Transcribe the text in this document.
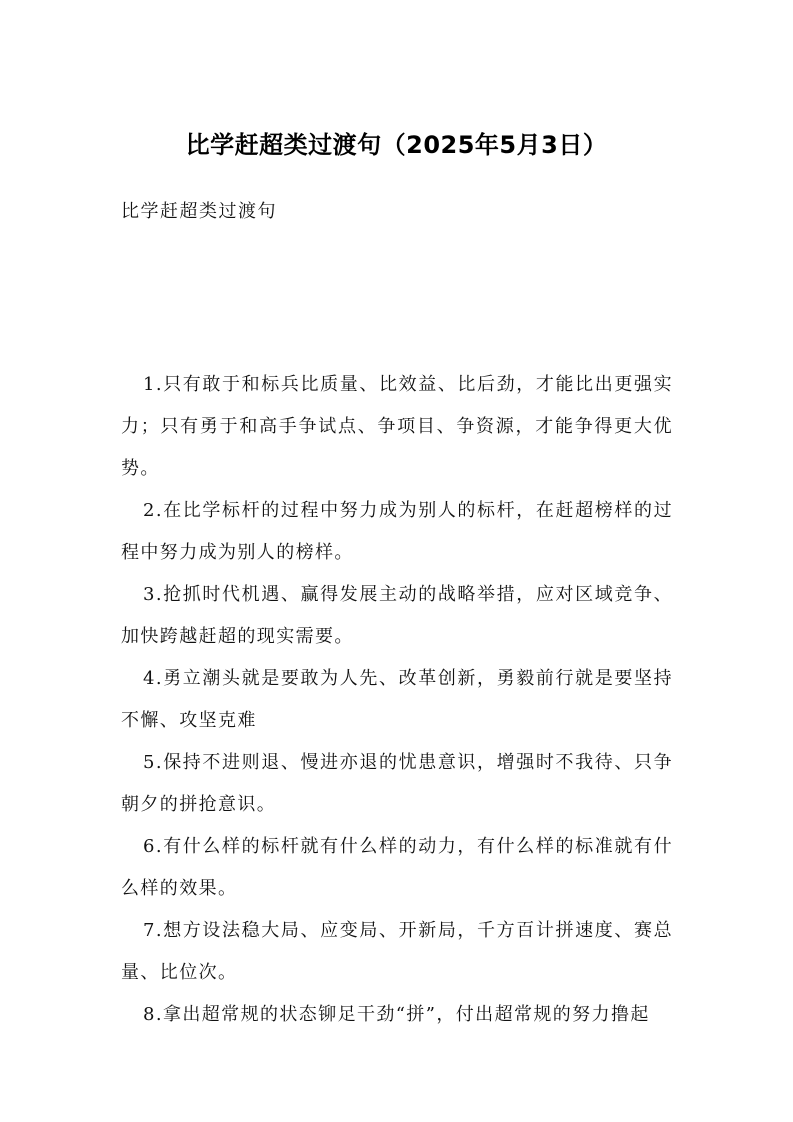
比学赶超类过渡句（2025年5月3日）
比学赶超类过渡句

1.只有敢于和标兵比质量、比效益、比后劲，才能比出更强实力；只有勇于和高手争试点、争项目、争资源，才能争得更大优势。

2.在比学标杆的过程中努力成为别人的标杆，在赶超榜样的过程中努力成为别人的榜样。

3.抢抓时代机遇、赢得发展主动的战略举措，应对区域竞争、加快跨越赶超的现实需要。

4.勇立潮头就是要敢为人先、改革创新，勇毅前行就是要坚持不懈、攻坚克难

5.保持不进则退、慢进亦退的忧患意识，增强时不我待、只争朝夕的拼抢意识。

6.有什么样的标杆就有什么样的动力，有什么样的标准就有什么样的效果。

7.想方设法稳大局、应变局、开新局，千方百计拼速度、赛总量、比位次。

8.拿出超常规的状态铆足干劲“拼”，付出超常规的努力撸起
